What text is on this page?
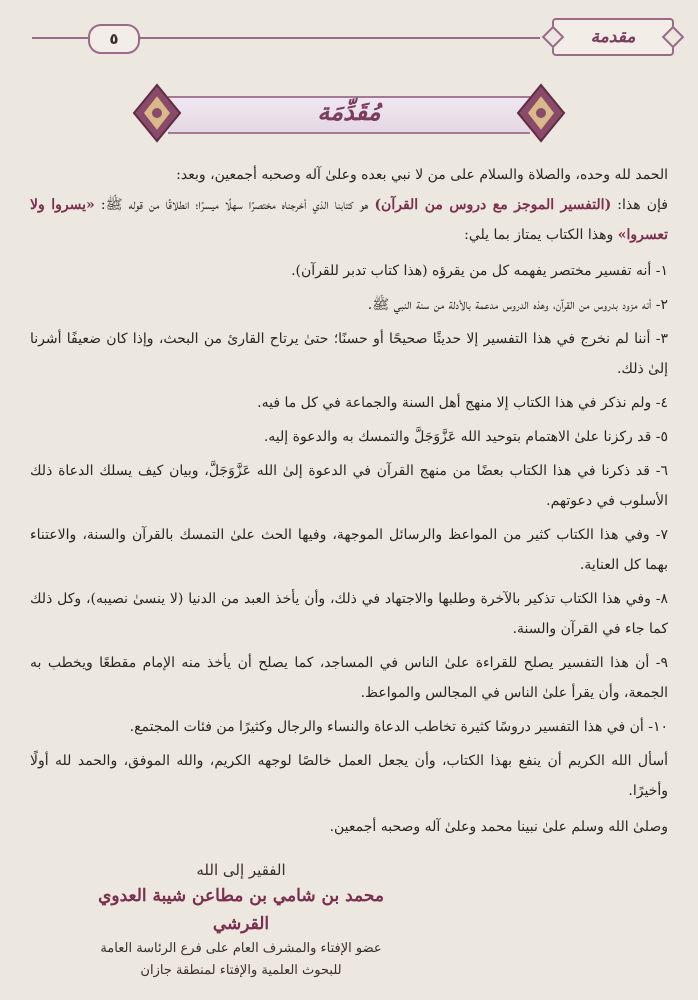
مقدمة
٥
مُقَدِّمَة

الحمد لله وحده، والصلاة والسلام على من لا نبي بعده وعلىٰ آله وصحبه أجمعين، وبعد:

فإن هذا: (التفسير الموجز مع دروس من القرآن) هو كتابنا الذي أخرجناه مختصرًا سهلًا ميسرًا؛ انطلاقًا من قوله ﷺ: «يسروا ولا تعسروا» وهذا الكتاب يمتاز بما يلي:

١- أنه تفسير مختصر يفهمه كل من يقرؤه (هذا كتاب تدبر للقرآن).

٢- أنه مزود بدروس من القرآن، وهذه الدروس مدعمة بالأدلة من سنة النبي ﷺ.

٣- أننا لم نخرج في هذا التفسير إلا حديثًا صحيحًا أو حسنًا؛ حتىٰ يرتاح القارئ من البحث، وإذا كان ضعيفًا أشرنا إلىٰ ذلك.

٤- ولم نذكر في هذا الكتاب إلا منهج أهل السنة والجماعة في كل ما فيه.

٥- قد ركزنا علىٰ الاهتمام بتوحيد الله عَزَّوَجَلَّ والتمسك به والدعوة إليه.

٦- قد ذكرنا في هذا الكتاب بعضًا من منهج القرآن في الدعوة إلىٰ الله عَزَّوَجَلَّ، وبيان كيف يسلك الدعاة ذلك الأسلوب في دعوتهم.

٧- وفي هذا الكتاب كثير من المواعظ والرسائل الموجهة، وفيها الحث علىٰ التمسك بالقرآن والسنة، والاعتناء بهما كل العناية.

٨- وفي هذا الكتاب تذكير بالآخرة وطلبها والاجتهاد في ذلك، وأن يأخذ العبد من الدنيا (لا ينسىٰ نصيبه)، وكل ذلك كما جاء في القرآن والسنة.

٩- أن هذا التفسير يصلح للقراءة علىٰ الناس في المساجد، كما يصلح أن يأخذ منه الإمام مقطعًا ويخطب به الجمعة، وأن يقرأ علىٰ الناس في المجالس والمواعظ.

١٠- أن في هذا التفسير دروسًا كثيرة تخاطب الدعاة والنساء والرجال وكثيرًا من فئات المجتمع.

أسأل الله الكريم أن ينفع بهذا الكتاب، وأن يجعل العمل خالصًا لوجهه الكريم، والله الموفق، والحمد لله أولًا وأخيرًا.

وصلىٰ الله وسلم علىٰ نبينا محمد وعلىٰ آله وصحبه أجمعين.

الفقير إلى الله
محمد بن شامي بن مطاعن شيبة العدوي القرشي
عضو الإفتاء والمشرف العام على فرع الرئاسة العامة
للبحوث العلمية والإفتاء لمنطقة جازان
